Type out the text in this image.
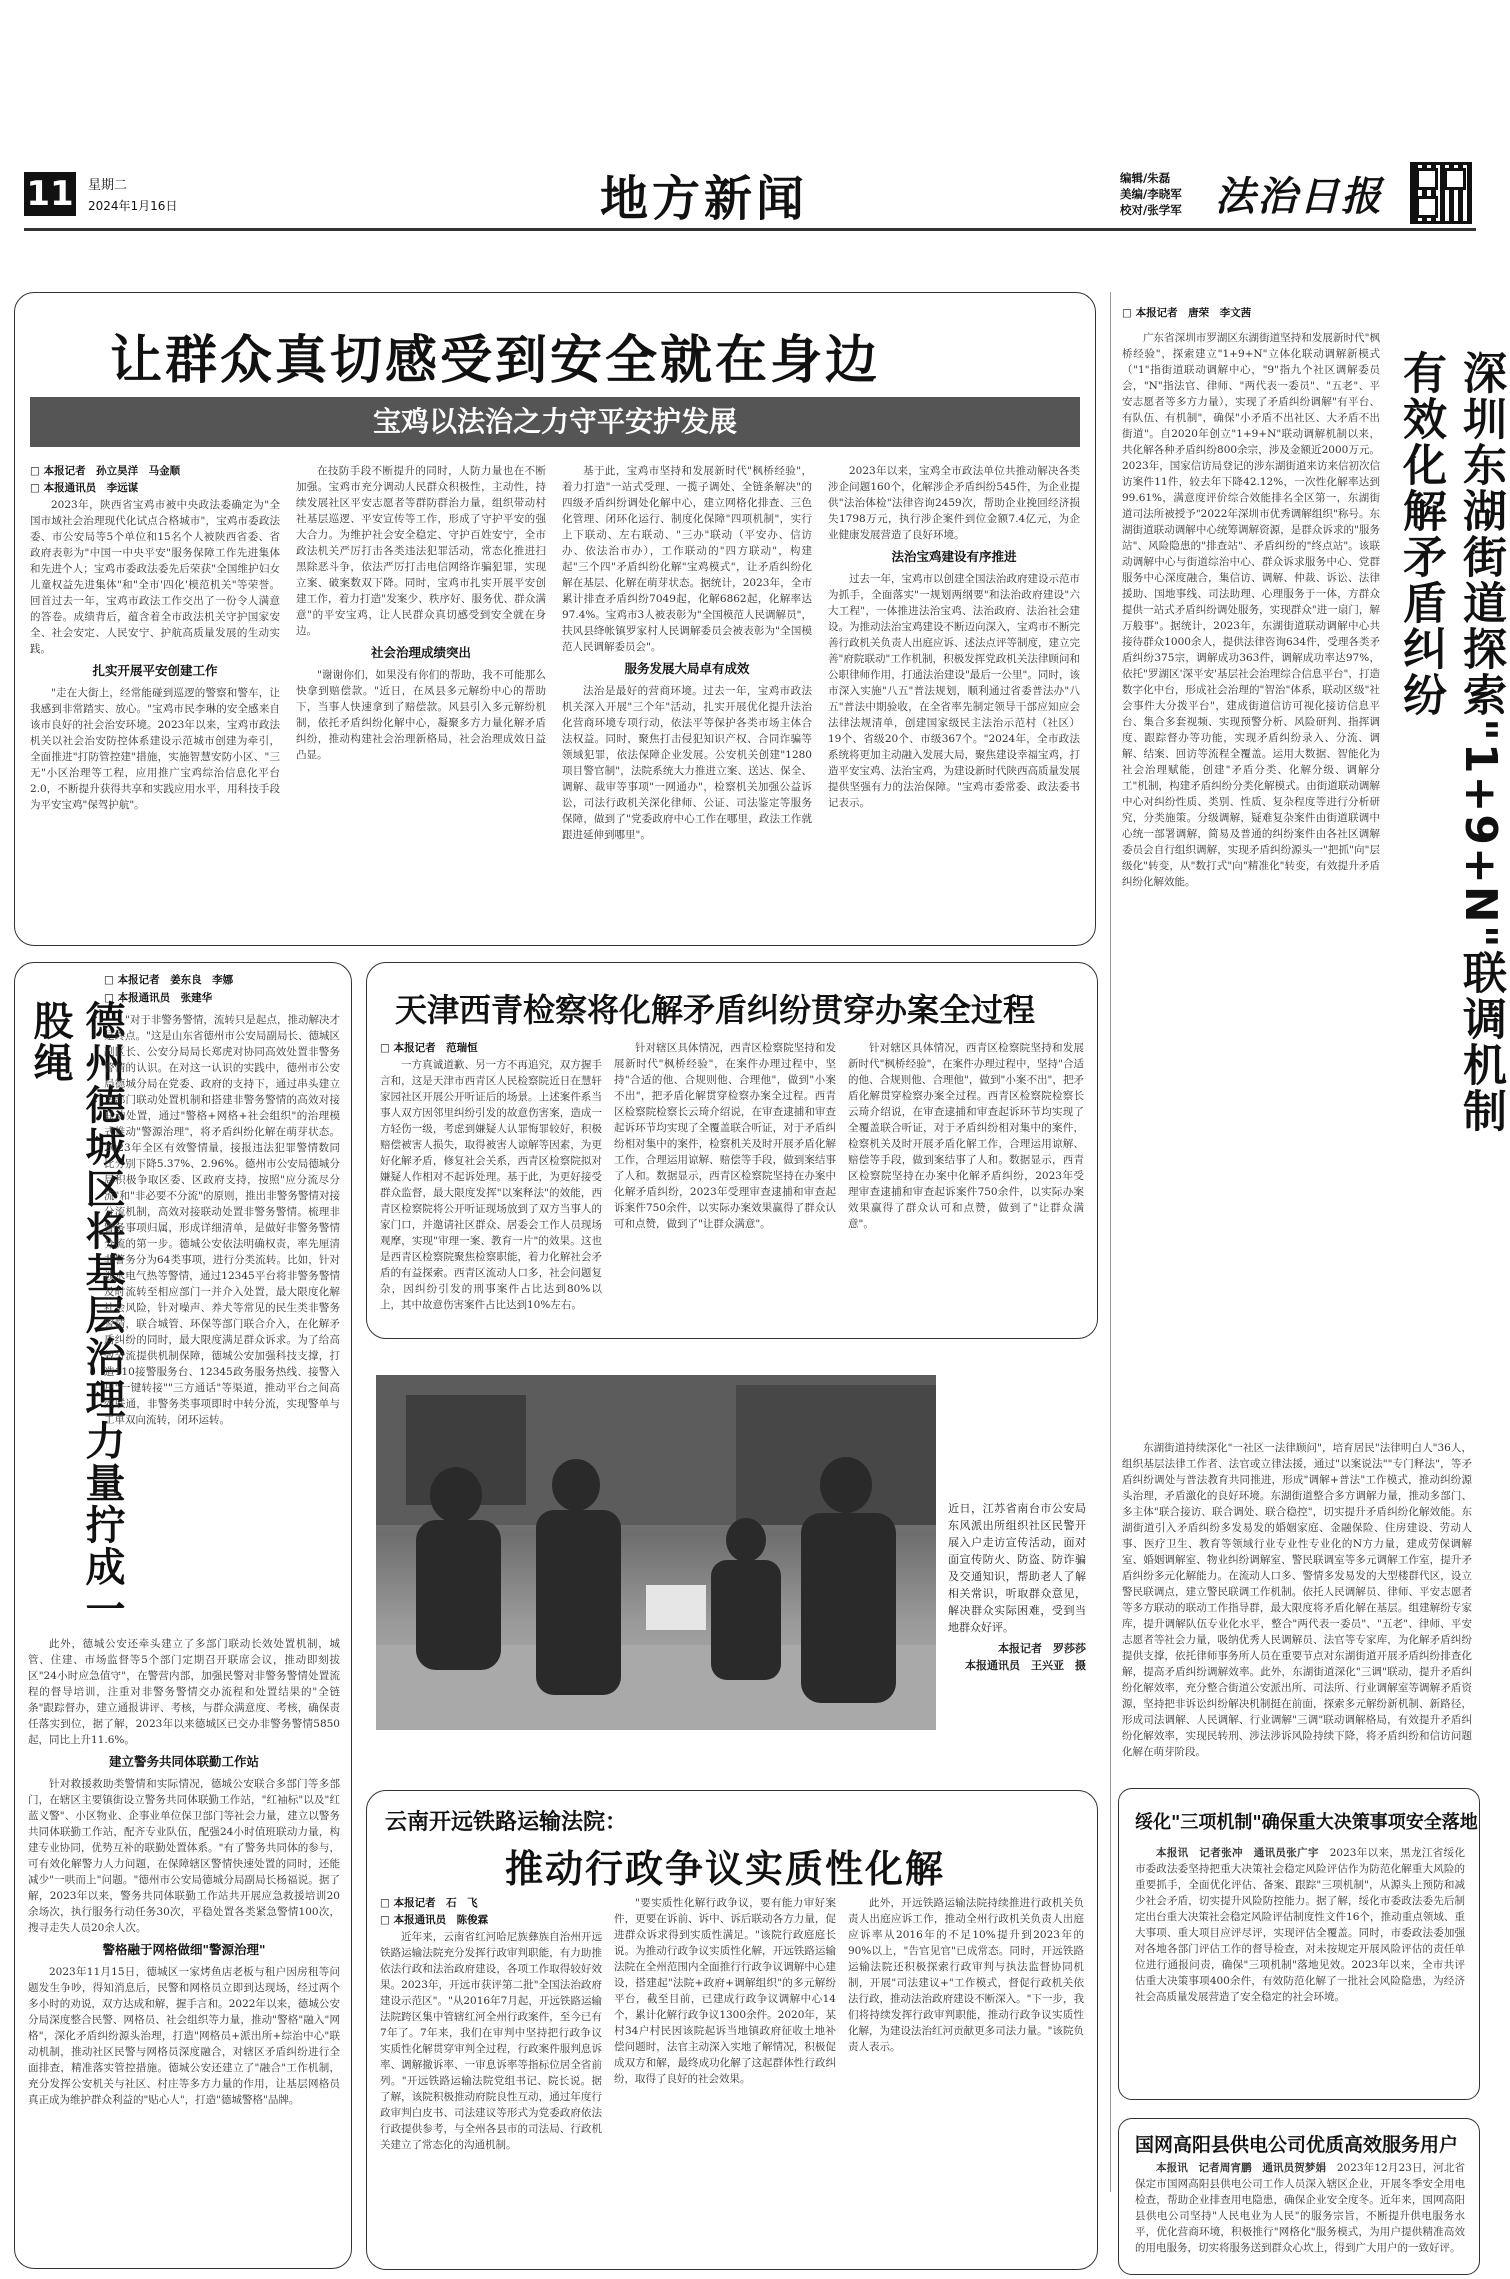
11 星期二
2024年1月16日	地方新闻	编辑/朱磊
美编/李晓军
校对/张学军 法治日报
让群众真切感受到安全就在身边
宝鸡以法治之力守平安护发展
□ 本报记者　孙立昊洋　马金顺
□ 本报通讯员　李远谋

2023年，陕西省宝鸡市被中央政法委确定为"全国市域社会治理现代化试点合格城市"，宝鸡市委政法委、市公安局等5个单位和15名个人被陕西省委、省政府表彰为"中国一中央平安"服务保障工作先进集体和先进个人；宝鸡市委政法委先后荣获"全国维护妇女儿童权益先进集体"和"全市'四化'模范机关"等荣誉。回首过去一年，宝鸡市政法工作交出了一份令人满意的答卷。成绩背后，蕴含着全市政法机关守护国家安全、社会安定、人民安宁、护航高质量发展的生动实践。

扎实开展平安创建工作

"走在大街上，经常能碰到巡逻的警察和警车，让我感到非常踏实、放心。"宝鸡市民李琳的安全感来自该市良好的社会治安环境。2023年以来，宝鸡市政法机关以社会治安防控体系建设示范城市创建为牵引，全面推进"打防管控建"措施，实施智慧安防小区、"三无"小区治理等工程，应用推广宝鸡综治信息化平台2.0，不断提升获得共享和实践应用水平，用科技手段为平安宝鸡"保驾护航"。

在技防手段不断提升的同时，人防力量也在不断加强。宝鸡市充分调动人民群众积极性，主动性，持续发展社区平安志愿者等群防群治力量，组织带动村社基层巡逻、平安宣传等工作，形成了守护平安的强大合力。为维护社会安全稳定、守护百姓安宁，全市政法机关严厉打击各类违法犯罪活动，常态化推进扫黑除恶斗争，依法严厉打击电信网络诈骗犯罪，实现立案、破案数双下降。同时，宝鸡市扎实开展平安创建工作，着力打造"发案少、秩序好、服务优、群众满意"的平安宝鸡，让人民群众真切感受到安全就在身边。

社会治理成绩突出

"谢谢你们，如果没有你们的帮助，我不可能那么快拿到赔偿款。"近日，在凤县多元解纷中心的帮助下，当事人快速拿到了赔偿款。风县引入多元解纷机制，依托矛盾纠纷化解中心，凝聚多方力量化解矛盾纠纷，推动构建社会治理新格局，社会治理成效日益凸显。

基于此，宝鸡市坚持和发展新时代"枫桥经验"，着力打造"一站式受理、一揽子调处、全链条解决"的四级矛盾纠纷调处化解中心，建立网格化排查、三色化管理、闭环化运行、制度化保障"四项机制"，实行上下联动、左右联动、"三办"联动（平安办、信访办、依法治市办），工作联动的"四方联动"，构建起"三个四"矛盾纠纷化解"宝鸡模式"，让矛盾纠纷化解在基层、化解在萌芽状态。据统计，2023年，全市累计排查矛盾纠纷7049起，化解6862起，化解率达97.4%。宝鸡市3人被表彰为"全国模范人民调解员"，扶风县绛帐镇罗家村人民调解委员会被表彰为"全国模范人民调解委员会"。

服务发展大局卓有成效

法治是最好的营商环境。过去一年，宝鸡市政法机关深入开展"三个年"活动，扎实开展优化提升法治化营商环境专项行动，依法平等保护各类市场主体合法权益。同时，聚焦打击侵犯知识产权、合同诈骗等领域犯罪，依法保障企业发展。公安机关创建"1280项目警官制"，法院系统大力推进立案、送达、保全、调解、裁审等事项"一网通办"，检察机关加强公益诉讼，司法行政机关深化律师、公证、司法鉴定等服务保障，做到了"党委政府中心工作在哪里，政法工作就跟进延伸到哪里"。

2023年以来，宝鸡全市政法单位共推动解决各类涉企问题160个，化解涉企矛盾纠纷545件，为企业提供"法治体检"法律咨询2459次，帮助企业挽回经济损失1798万元，执行涉企案件到位金额7.4亿元，为企业健康发展营造了良好环境。

法治宝鸡建设有序推进

过去一年，宝鸡市以创建全国法治政府建设示范市为抓手，全面落实"一规划两纲要"和法治政府建设"六大工程"，一体推进法治宝鸡、法治政府、法治社会建设。为推动法治宝鸡建设不断迈向深入，宝鸡市不断完善行政机关负责人出庭应诉、述法点评等制度，建立完善"府院联动"工作机制，积极发挥党政机关法律顾问和公职律师作用，打通法治建设"最后一公里"。同时，该市深入实施"八五"普法规划，顺利通过省委普法办"八五"普法中期验收，在全省率先制定领导干部应知应会法律法规清单，创建国家级民主法治示范村（社区）19个、省级20个、市级367个。"2024年，全市政法系统将更加主动融入发展大局，聚焦建设幸福宝鸡，打造平安宝鸡、法治宝鸡，为建设新时代陕西高质量发展提供坚强有力的法治保障。"宝鸡市委常委、政法委书记表示。

□ 本报记者　唐荣　李文茜
深圳东湖街道探索"1+9+N"联调机制有效化解矛盾纠纷

广东省深圳市罗湖区东湖街道坚持和发展新时代"枫桥经验"，探索建立"1+9+N"立体化联动调解新模式（"1"指街道联动调解中心，"9"指九个社区调解委员会，"N"指法官、律师、"两代表一委员"、"五老"、平安志愿者等多方力量），实现了矛盾纠纷调解"有平台、有队伍、有机制"，确保"小矛盾不出社区、大矛盾不出街道"。自2020年创立"1+9+N"联动调解机制以来，共化解各种矛盾纠纷800余宗，涉及金额近2000万元。2023年，国家信访局登记的涉东湖街道来访来信初次信访案件11件，较去年下降42.12%，一次性化解率达到99.61%，满意度评价综合效能排名全区第一，东湖街道司法所被授予"2022年深圳市优秀调解组织"称号。东湖街道联动调解中心统筹调解资源，是群众诉求的"服务站"、风险隐患的"排查站"、矛盾纠纷的"终点站"。该联动调解中心与街道综治中心、群众诉求服务中心、党群服务中心深度融合，集信访、调解、仲裁、诉讼、法律援助、国地事线、司法助理、心理服务于一体，方群众提供一站式矛盾纠纷调处服务，实现群众"进一扇门，解万般事"。据统计，2023年，东湖街道联动调解中心共接待群众1000余人，提供法律咨询634件，受理各类矛盾纠纷375宗，调解成功363件，调解成功率达97%，依托"罗湖区'深平安'基层社会治理综合信息平台"，打造数字化中台，形成社会治理的"智治"体系，联动区级"社会事件大分拨平台"，建成街道信访可视化接访信息平台、集合多套视频、实现预警分析、风险研判、指挥调度、跟踪督办等功能，实现矛盾纠纷录入、分流、调解、结案、回访等流程全覆盖。运用大数据、智能化为社会治理赋能，创建"矛盾分类、化解分级、调解分工"机制，构建矛盾纠纷分类化解模式。由街道联动调解中心对纠纷性质、类别、性质、复杂程度等进行分析研究，分类施策。分级调解，疑难复杂案件由街道联调中心统一部署调解，简易及普通的纠纷案件由各社区调解委员会自行组织调解，实现矛盾纠纷源头一"把抓"向"层级化"转变，从"数打式"向"精准化"转变，有效提升矛盾纠纷化解效能。

东湖街道持续深化"一社区一法律顾问"，培育居民"法律明白人"36人，组织基层法律工作者、法官或立律法援，通过"以案说法""专门释法"，等矛盾纠纷调处与普法教育共同推进，形成"调解+普法"工作模式，推动纠纷源头治理，矛盾激化的良好环境。东湖街道整合多方调解力量，推动多部门、多主体"联合接访、联合调处、联合稳控"，切实提升矛盾纠纷化解效能。东湖街道引入矛盾纠纷多发易发的婚姻家庭、金融保险、住房建设、劳动人事、医疗卫生、教育等领域行业专业性专业化的N方力量，建成劳保调解室、婚姻调解室、物业纠纷调解室、警民联调室等多元调解工作室，提升矛盾纠纷多元化解能力。在流动人口多、警情多发易发的大型楼群代区，设立警民联调点，建立警民联调工作机制。依托人民调解员、律师、平安志愿者等多方联动的联动工作指导群，最大限度将矛盾化解在基层。组建解纷专家库，提升调解队伍专业化水平，整合"两代表一委员"、"五老"、律师、平安志愿者等社会力量，吸纳优秀人民调解员、法官等专家库，为化解矛盾纠纷提供支撑，依托律师事务所人员在重要节点对东湖街道开展矛盾纠纷排查化解，提高矛盾纠纷调解效率。此外，东湖街道深化"三调"联动，提升矛盾纠纷化解效率，充分整合街道公安派出所、司法所、行业调解室等调解矛盾资源，坚持把非诉讼纠纷解决机制挺在前面，探索多元解纷新机制、新路径，形成司法调解、人民调解、行业调解"三调"联动调解格局，有效提升矛盾纠纷化解效率，实现民转刑、涉法涉诉风险持续下降，将矛盾纠纷和信访问题化解在萌芽阶段。

绥化"三项机制"确保重大决策事项安全落地

本报讯　记者张冲　通讯员张广宇　2023年以来，黑龙江省绥化市委政法委坚持把重大决策社会稳定风险评估作为防范化解重大风险的重要抓手，全面优化评估、备案、跟踪"三项机制"，从源头上预防和减少社会矛盾，切实提升风险防控能力。据了解，绥化市委政法委先后制定出台重大决策社会稳定风险评估制度性文件16个，推动重点领域、重大事项、重大项目应评尽评，实现评估全覆盖。同时，市委政法委加强对各地各部门评估工作的督导检查，对未按规定开展风险评估的责任单位进行通报问责，确保"三项机制"落地见效。2023年以来，全市共评估重大决策事项400余件，有效防范化解了一批社会风险隐患，为经济社会高质量发展营造了安全稳定的社会环境。

国网高阳县供电公司优质高效服务用户

本报讯　记者周宵鹏　通讯员贺梦娟　2023年12月23日，河北省保定市国网高阳县供电公司工作人员深入辖区企业，开展冬季安全用电检查，帮助企业排查用电隐患，确保企业安全度冬。近年来，国网高阳县供电公司坚持"人民电业为人民"的服务宗旨，不断提升供电服务水平，优化营商环境，积极推行"网格化"服务模式，为用户提供精准高效的用电服务，切实将服务送到群众心坎上，得到广大用户的一致好评。

德州德城区将基层治理力量拧成一股绳
□ 本报记者　姜东良　李娜
□ 本报通讯员　张建华

"对于非警务警情，流转只是起点，推动解决才是终点。"这是山东省德州市公安局副局长、德城区副区长、公安分局局长郑虎对协同高效处置非警务警情的认识。在对这一认识的实践中，德州市公安局德城分局在党委、政府的支持下，通过串头建立多部门联动处置机制和搭建非警务警情的高效对接联动处置，通过"警格+网格+社会组织"的治理模式推动"警源治理"，将矛盾纠纷化解在萌芽状态。2023年全区有效警情量，接报违法犯罪警情数同比分别下降5.37%、2.96%。德州市公安局德城分局积极争取区委、区政府支持，按照"应分流尽分流"和"非必要不分流"的原则，推出非警务警情对接分流机制，高效对接联动处置非警务警情。梳理非警务事项归属，形成详细清单，是做好非警务警情分流的第一步。德城公安依法明确权责，率先厘清非警务分为64类事项，进行分类流转。比如，针对涉水电气热等警情，通过12345平台将非警务警情及时流转至相应部门一并介入处置，最大限度化解社会风险，针对噪声、养犬等常见的民生类非警务警情，联合城管、环保等部门联合介入，在化解矛盾纠纷的同时，最大限度满足群众诉求。为了给高效分流提供机制保障，德城公安加强科技支撑，打造110接警服务台、12345政务服务热线、接警入户"一键转接""三方通话"等渠道，推动平台之间高效联通，非警务类事项即时中转分流，实现警单与工单双向流转，闭环运转。

此外，德城公安还牵头建立了多部门联动长效处置机制，城管、住建、市场监督等5个部门定期召开联席会议，推动即刻拔区"24小时应急值守"，在警营内部，加强民警对非警务警情处置流程的督导培训，注重对非警务警情交办流程和处置结果的"全链条"跟踪督办，建立通报讲评、考核，与群众满意度、考核，确保责任落实到位，据了解，2023年以来德城区已交办非警务警情5850起，同比上升11.6%。

建立警务共同体联勤工作站

针对救援救助类警情和实际情况，德城公安联合多部门等多部门，在辖区主要镇街设立警务共同体联勤工作站，"红袖标"以及"红蓝义警"、小区物业、企事业单位保卫部门等社会力量，建立以警务共同体联勤工作站，配齐专业队伍，配强24小时值班联动力量，构建专业协同，优势互补的联勤处置体系。"有了警务共同体的参与，可有效化解警力人力问题，在保障辖区警情快速处置的同时，还能减少"一哄而上"问题。"德州市公安局德城分局副局长杨福说。据了解，2023年以来，警务共同体联勤工作站共开展应急救援培训20余场次，执行服务行动任务30次，平稳处置各类紧急警情100次，搜寻走失人员20余人次。

警格融于网格做细"警源治理"

2023年11月15日，德城区一家烤鱼店老板与租户因房租等问题发生争吵，得知消息后，民警和网格员立即到达现场，经过两个多小时的劝说，双方达成和解，握手言和。2022年以来，德城公安分局深度整合民警、网格员、社会组织等力量，推动"警格"融入"网格"，深化矛盾纠纷源头治理，打造"网格员+派出所+综治中心"联动机制，推动社区民警与网格员深度融合，对辖区矛盾纠纷进行全面排查，精准落实管控措施。德城公安还建立了"融合"工作机制，充分发挥公安机关与社区、村庄等多方力量的作用，让基层网格员真正成为维护群众利益的"贴心人"，打造"德城警格"品牌。

天津西青检察将化解矛盾纠纷贯穿办案全过程
□ 本报记者　范瑞恒

一方真诚道歉、另一方不再追究，双方握手言和，这是天津市西青区人民检察院近日在慧轩家园社区开展公开听证后的场景。上述案件系当事人双方因邻里纠纷引发的故意伤害案，造成一方轻伤一级，考虑到嫌疑人认罪悔罪较好，积极赔偿被害人损失，取得被害人谅解等因素，为更好化解矛盾，修复社会关系，西青区检察院拟对嫌疑人作相对不起诉处理。基于此，为更好接受群众监督，最大限度发挥"以案释法"的效能，西青区检察院将公开听证现场放到了双方当事人的家门口，并邀请社区群众、居委会工作人员现场观摩，实现"审理一案、教育一片"的效果。这也是西青区检察院聚焦检察职能，着力化解社会矛盾的有益探索。西青区流动人口多，社会问题复杂，因纠纷引发的刑事案件占比达到80%以上，其中故意伤害案件占比达到10%左右。

针对辖区具体情况，西青区检察院坚持和发展新时代"枫桥经验"，在案件办理过程中，坚持"合适的他、合规则他、合理他"，做到"小案不出"，把矛盾化解贯穿检察办案全过程。西青区检察院检察长云琦介绍说，在审查逮捕和审查起诉环节均实现了全覆盖联合听证，对于矛盾纠纷相对集中的案件，检察机关及时开展矛盾化解工作，合理运用谅解、赔偿等手段，做到案结事了人和。数据显示，西青区检察院坚持在办案中化解矛盾纠纷，2023年受理审查逮捕和审查起诉案件750余件，以实际办案效果赢得了群众认可和点赞，做到了"让群众满意"。

针对辖区具体情况，西青区检察院坚持和发展新时代"枫桥经验"，在案件办理过程中，坚持"合适的他、合规则他、合理他"，做到"小案不出"，把矛盾化解贯穿检察办案全过程。西青区检察院检察长云琦介绍说，在审查逮捕和审查起诉环节均实现了全覆盖联合听证，对于矛盾纠纷相对集中的案件，检察机关及时开展矛盾化解工作，合理运用谅解、赔偿等手段，做到案结事了人和。数据显示，西青区检察院坚持在办案中化解矛盾纠纷，2023年受理审查逮捕和审查起诉案件750余件，以实际办案效果赢得了群众认可和点赞，做到了"让群众满意"。

近日，江苏省南台市公安局东风派出所组织社区民警开展入户走访宣传活动，面对面宣传防火、防盗、防诈骗及交通知识，帮助老人了解相关常识，听取群众意见，解决群众实际困难，受到当地群众好评。
本报记者　罗莎莎
本报通讯员　王兴亚　摄
云南开远铁路运输法院：
推动行政争议实质性化解
□ 本报记者　石　飞
□ 本报通讯员　陈俊霖

近年来，云南省红河哈尼族彝族自治州开远铁路运输法院充分发挥行政审判职能，有力助推依法行政和法治政府建设，各项工作取得较好效果。2023年，开远市获评第二批"全国法治政府建设示范区"。"从2016年7月起，开远铁路运输法院跨区集中管辖红河全州行政案件，至今已有7年了。7年来，我们在审判中坚持把行政争议实质性化解贯穿审判全过程，行政案件服判息诉率、调解撤诉率、一审息诉率等指标位居全省前列。"开远铁路运输法院党组书记、院长说。据了解，该院积极推动府院良性互动，通过年度行政审判白皮书、司法建议等形式为党委政府依法行政提供参考，与全州各县市的司法局、行政机关建立了常态化的沟通机制。

"要实质性化解行政争议，要有能力审好案件，更要在诉前、诉中、诉后联动各方力量，促进群众诉求得到实质性满足。"该院行政庭庭长说。为推动行政争议实质性化解，开远铁路运输法院在全州范围内全面推行行政争议调解中心建设，搭建起"法院+政府+调解组织"的多元解纷平台，截至目前，已建成行政争议调解中心14个，累计化解行政争议1300余件。2020年，某村34户村民因该院起诉当地镇政府征收土地补偿问题时，法官主动深入实地了解情况，积极促成双方和解，最终成功化解了这起群体性行政纠纷，取得了良好的社会效果。

此外，开远铁路运输法院持续推进行政机关负责人出庭应诉工作，推动全州行政机关负责人出庭应诉率从2016年的不足10%提升到2023年的90%以上，"告官见官"已成常态。同时，开远铁路运输法院还积极探索行政审判与执法监督协同机制，开展"司法建议+"工作模式，督促行政机关依法行政，推动法治政府建设不断深入。"下一步，我们将持续发挥行政审判职能，推动行政争议实质性化解，为建设法治红河贡献更多司法力量。"该院负责人表示。
